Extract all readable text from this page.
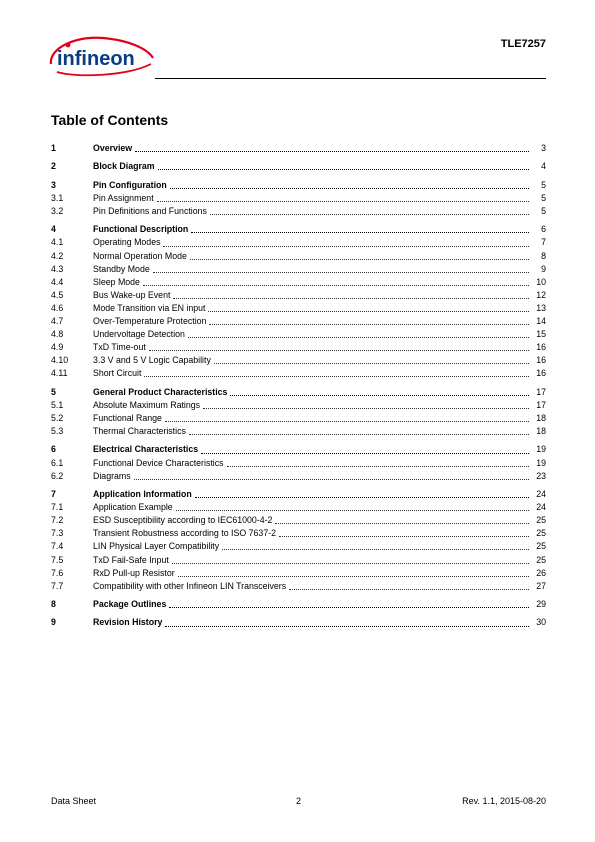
infineon
TLE7257
Table of Contents
1	Overview	3
2	Block Diagram	4
3	Pin Configuration	5
3.1	Pin Assignment	5
3.2	Pin Definitions and Functions	5
4	Functional Description	6
4.1	Operating Modes	7
4.2	Normal Operation Mode	8
4.3	Standby Mode	9
4.4	Sleep Mode	10
4.5	Bus Wake-up Event	12
4.6	Mode Transition via EN input	13
4.7	Over-Temperature Protection	14
4.8	Undervoltage Detection	15
4.9	TxD Time-out	16
4.10	3.3 V and 5 V Logic Capability	16
4.11	Short Circuit	16
5	General Product Characteristics	17
5.1	Absolute Maximum Ratings	17
5.2	Functional Range	18
5.3	Thermal Characteristics	18
6	Electrical Characteristics	19
6.1	Functional Device Characteristics	19
6.2	Diagrams	23
7	Application Information	24
7.1	Application Example	24
7.2	ESD Susceptibility according to IEC61000-4-2	25
7.3	Transient Robustness according to ISO 7637-2	25
7.4	LIN Physical Layer Compatibility	25
7.5	TxD Fail-Safe Input	25
7.6	RxD Pull-up Resistor	26
7.7	Compatibility with other Infineon LIN Transceivers	27
8	Package Outlines	29
9	Revision History	30
Data Sheet	2	Rev. 1.1, 2015-08-20
